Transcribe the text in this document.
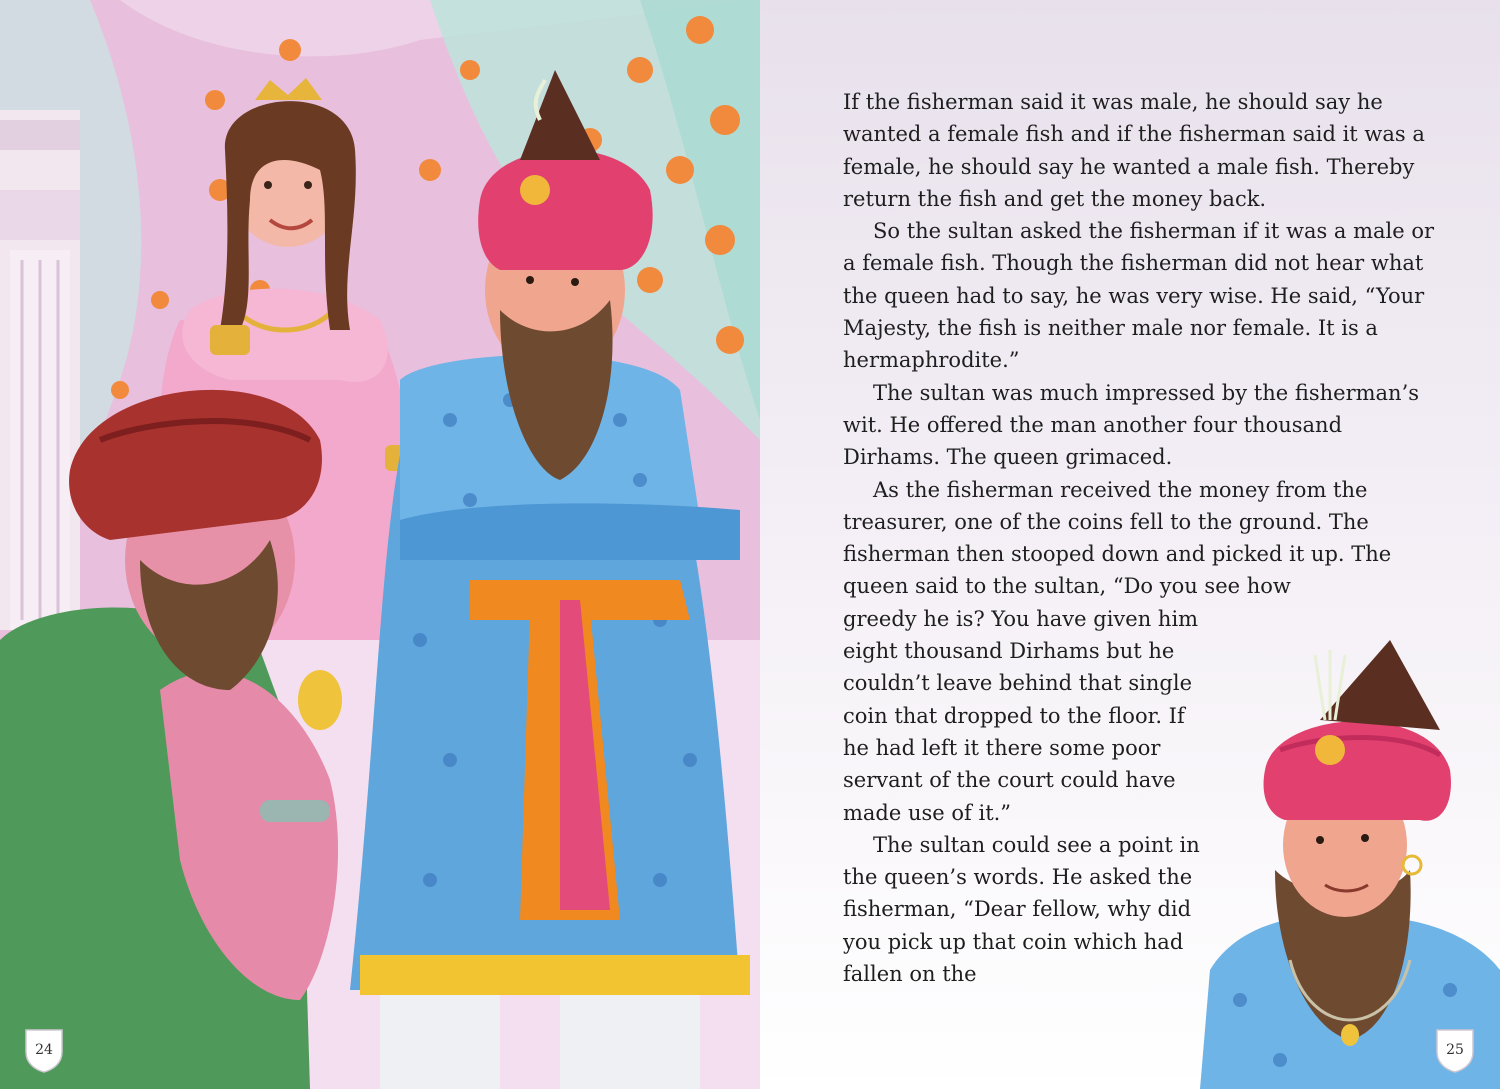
24

If the fisherman said it was male, he should say he wanted a female fish and if the fisherman said it was a female, he should say he wanted a male fish. Thereby return the fish and get the money back.

So the sultan asked the fisherman if it was a male or a female fish. Though the fisherman did not hear what the queen had to say, he was very wise. He said, “Your Majesty, the fish is neither male nor female. It is a hermaphrodite.”

The sultan was much impressed by the fisherman’s wit. He offered the man another four thousand Dirhams. The queen grimaced.

As the fisherman received the money from the treasurer, one of the coins fell to the ground. The fisherman then stooped down and picked it up. The queen said to the sultan, “Do you see how

greedy he is? You have given him eight thousand Dirhams but he couldn’t leave behind that single coin that dropped to the floor. If he had left it there some poor servant of the court could have made use of it.”

The sultan could see a point in the queen’s words. He asked the fisherman, “Dear fellow, why did you pick up that coin which had fallen on the

25
